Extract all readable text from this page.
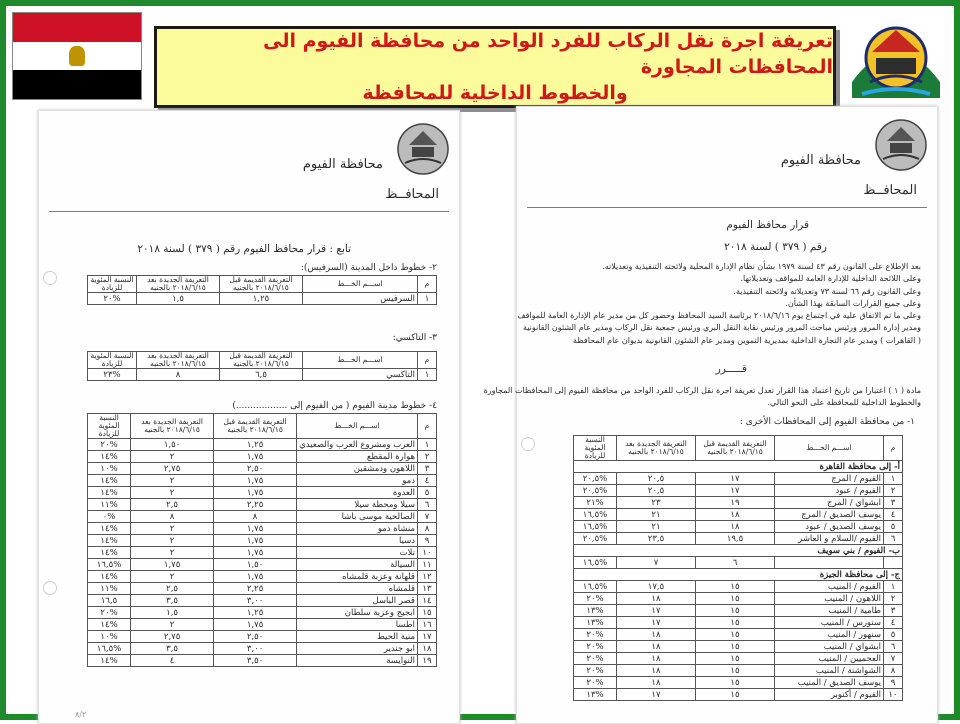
تعريفة اجرة نقل الركاب للفرد الواحد من محافظة الفيوم الى المحافظات المجاورة
والخطوط الداخلية للمحافظة
محافظة الفيوم
المحافــظ
تابع : قرار محافظ الفيوم رقم ( ٣٧٩ ) لسنة ٢٠١٨
٢- خطوط داخل المدينة (السرفيس):
م	اســـم الخـــط	التعريفة القديمة قبل ٢٠١٨/٦/١٥ بالجنيه	التعريفة الجديدة بعد ٢٠١٨/٦/١٥ بالجنيه	النسبة المئوية للزيادة
١	السرفيس	١,٢٥	١,٥	%٢٠
٣- التاكسي:
م	اســـم الخـــط	التعريفة القديمة قبل ٢٠١٨/٦/١٥ بالجنيه	التعريفة الجديدة بعد ٢٠١٨/٦/١٥ بالجنيه	النسبة المئوية للزيادة
١	التاكسي	٦,٥	٨	%٢٣
٤- خطوط مدينة الفيوم ( من الفيوم إلى ..................)
م	اســـم الخـــط	التعريفة القديمة قبل ٢٠١٨/٦/١٥ بالجنيه	التعريفة الجديدة بعد ٢٠١٨/٦/١٥ بالجنيه	النسبة المئوية للزيادة
١	العرب ومشروع العرب والصعيدي	١,٢٥	١,٥٠	%٢٠
٢	هوارة المقطع	١,٧٥	٢	%١٤
٣	اللاهون ودمشقين	٢,٥٠	٢,٧٥	%١٠
٤	دمو	١,٧٥	٢	%١٤
٥	العدوة	١,٧٥	٢	%١٤
٦	سيلا ومحطة سيلا	٢,٢٥	٢,٥	%١١
٧	الصالحية موسى باشا	٨	٨	%٠
٨	منشاة دمو	١,٧٥	٢	%١٤
٩	دسيا	١,٧٥	٢	%١٤
١٠	تلات	١,٧٥	٢	%١٤
١١	السيالة	١,٥٠	١,٧٥	%١٦,٥
١٢	قلهانة وعزبة قلمشاه	١,٧٥	٢	%١٤
١٣	قلمشاه	٢,٢٥	٢,٥	%١١
١٤	قصر الباسل	٣,٠٠	٣,٥	١٦,٥
١٥	ابجيج وعزبة سلطان	١,٢٥	١,٥	%٢٠
١٦	اطسا	١,٧٥	٢	%١٤
١٧	منية الحيط	٢,٥٠	٢,٧٥	%١٠
١٨	ابو جندير	٣,٠٠	٣,٥	%١٦,٥
١٩	النوايسة	٣,٥٠	٤	%١٤
٨/٢
محافظة الفيوم
المحافــظ
قرار محافظ الفيوم
رقم ( ٣٧٩ ) لسنة ٢٠١٨
بعد الإطلاع على القانون رقم ٤٣ لسنة ١٩٧٩ بشأن نظام الإدارة المحلية ولائحته التنفيذية وتعديلاته.
وعلى اللائحة الداخلية للإدارة العامة للمواقف وتعديلاتها.
وعلى القانون رقم ٦٦ لسنة ٧٣ وتعديلاته ولائحته التنفيذية.
وعلى جميع القرارات السابقة بهذا الشأن.
وعلى ما تم الاتفاق عليه في اجتماع يوم ٢٠١٨/٦/١٦ برئاسة السيد المحافظ وحضور كل من مدير عام الإدارة العامة للمواقف
ومدير إدارة المرور ورئيس مباحث المرور ورئيس نقابة النقل البري ورئيس جمعية نقل الركاب ومدير عام الشئون القانونية
( القاهرات ) ومدير عام التجارة الداخلية بمديرية التموين ومدير عام الشئون القانونية بديوان عام المحافظة
قـــــرر
مادة ( ١ ) اعتبارا من تاريخ اعتماد هذا القرار تعدل تعريفة اجرة نقل الركاب للفرد الواحد من محافظة الفيوم إلى المحافظات المجاورة
والخطوط الداخلية للمحافظة على النحو التالي.
١- من محافظة الفيوم إلى المحافظات الأخرى :
م	اســـم الخـــط	التعريفة القديمة قبل ٢٠١٨/٦/١٥ بالجنيه	التعريفة الجديدة بعد ٢٠١٨/٦/١٥ بالجنيه	النسبة المئوية للزيادة
أ- إلى محافظة القاهرة				
١	الفيوم / المرج	١٧	٢٠,٥	%٢٠,٥
٢	الفيوم / عبود	١٧	٢٠,٥	%٢٠,٥
٣	ابشواي / المرج	١٩	٢٣	%٢١
٤	يوسف الصديق / المرج	١٨	٢١	%١٦,٥
٥	يوسف الصديق / عبود	١٨	٢١	%١٦,٥
٦	الفيوم /السلام و العاشر	١٩,٥	٢٣,٥	%٢٠,٥
ب- الفيوم / بني سويف				
		٦	٧	%١٦,٥
ج- إلى محافظة الجيزة				
١	الفيوم / المنيب	١٥	١٧,٥	%١٦,٥
٢	اللاهون / المنيب	١٥	١٨	%٢٠
٣	طامية / المنيب	١٥	١٧	%١٣
٤	سنورس / المنيب	١٥	١٧	%١٣
٥	سنهور / المنيب	١٥	١٨	%٢٠
٦	ابشواي / المنيب	١٥	١٨	%٢٠
٧	العجميين / المنيب	١٥	١٨	%٢٠
٨	الشواشنة / المنيب	١٥	١٨	%٢٠
٩	يوسف الصديق / المنيب	١٥	١٨	%٢٠
١٠	الفيوم / أكتوبر	١٥	١٧	%١٣
